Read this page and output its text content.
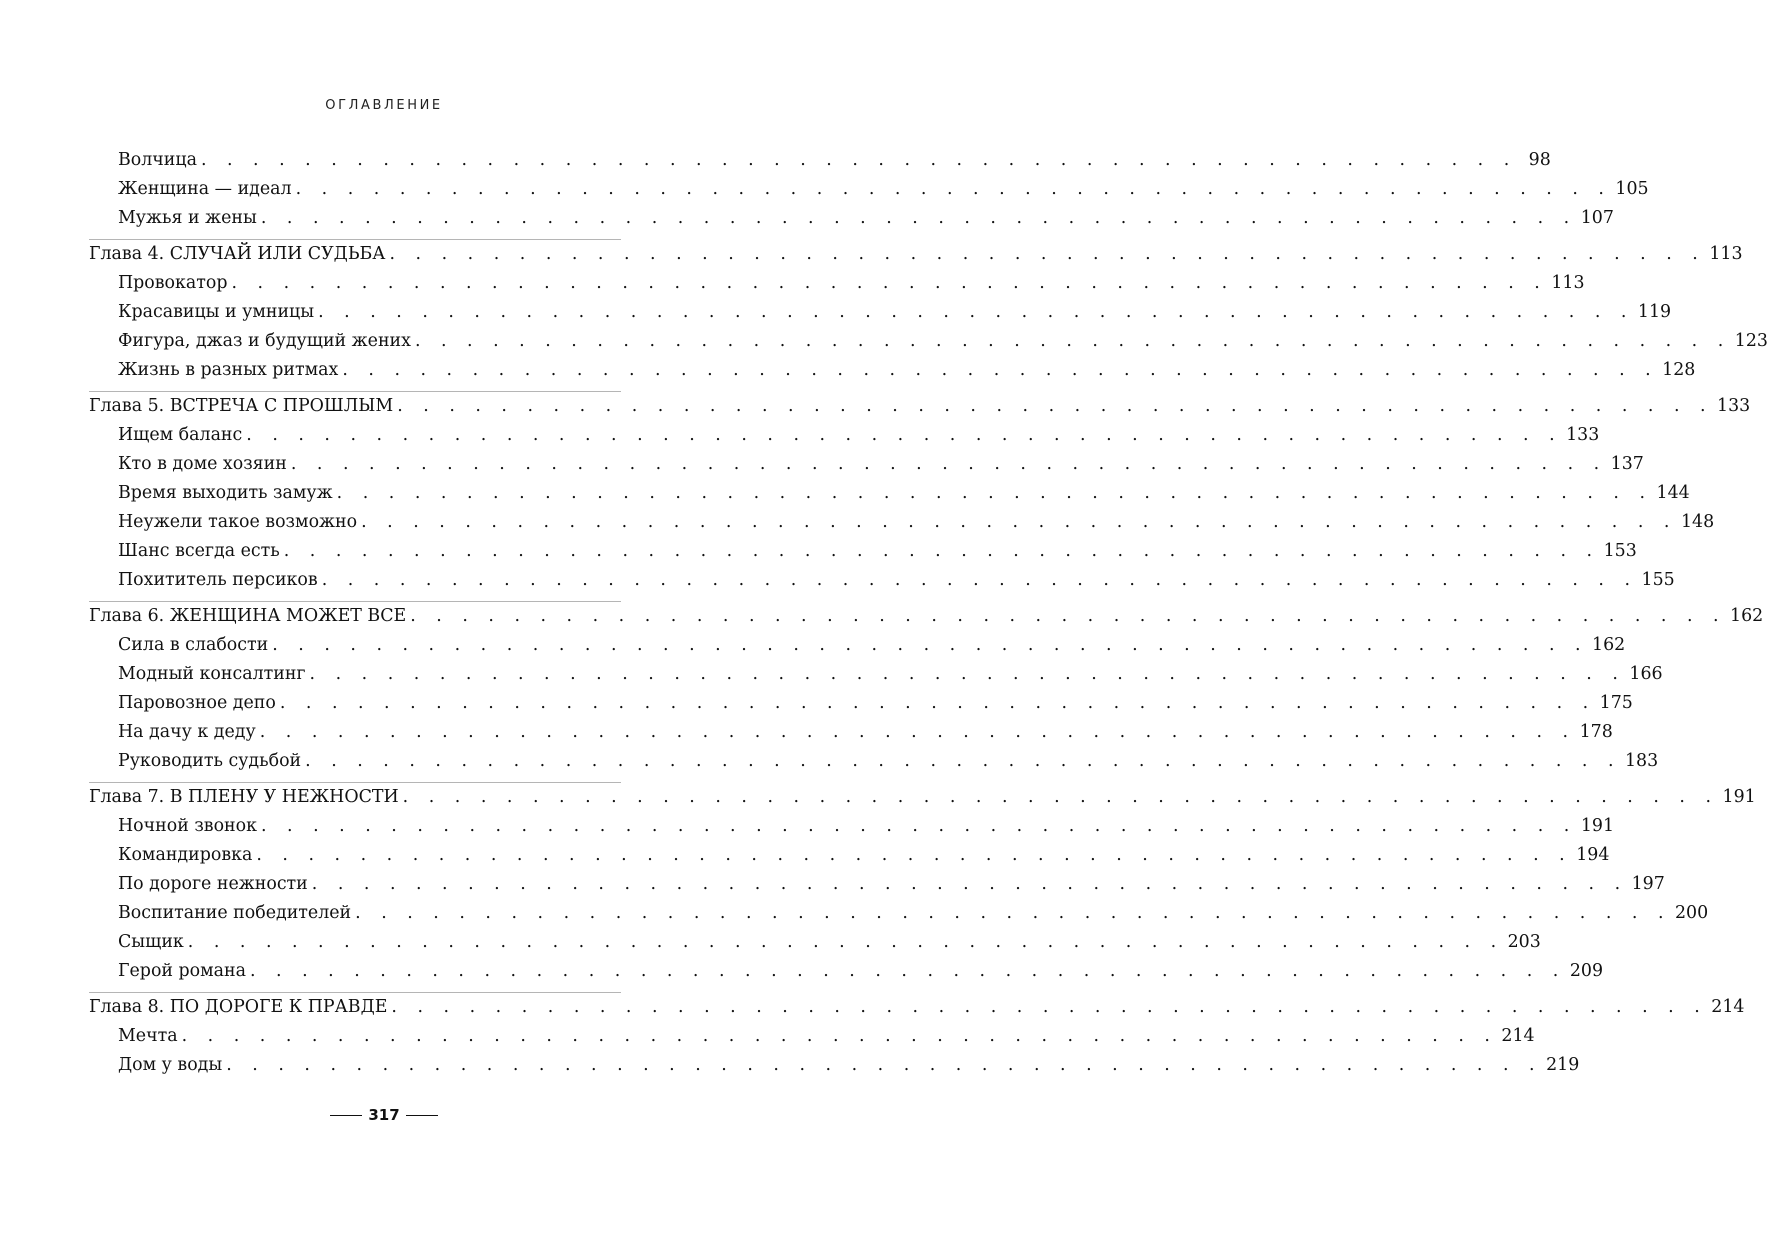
ОГЛАВЛЕНИЕ
Волчица . . . . . . . . . . . . . . . . . . . . . . . . . . . . . . . . . . . . . . . . . . . . . . . . . . . 98
Женщина — идеал . . . . . . . . . . . . . . . . . . . . . . . . . . . . . . . . . . . . . . . . . . . . . . . . . . . 105
Мужья и жены . . . . . . . . . . . . . . . . . . . . . . . . . . . . . . . . . . . . . . . . . . . . . . . . . . . 107
Глава 4. СЛУЧАЙ ИЛИ СУДЬБА . . . . . . . . . . . . . . . . . . . . . . . . . . . . . . . . . . . . . . . . . . . . . . . . . . . 113
Провокатор . . . . . . . . . . . . . . . . . . . . . . . . . . . . . . . . . . . . . . . . . . . . . . . . . . . 113
Красавицы и умницы . . . . . . . . . . . . . . . . . . . . . . . . . . . . . . . . . . . . . . . . . . . . . . . . . . . 119
Фигура, джаз и будущий жених . . . . . . . . . . . . . . . . . . . . . . . . . . . . . . . . . . . . . . . . . . . . . . . . . . . 123
Жизнь в разных ритмах . . . . . . . . . . . . . . . . . . . . . . . . . . . . . . . . . . . . . . . . . . . . . . . . . . . 128
Глава 5. ВСТРЕЧА С ПРОШЛЫМ . . . . . . . . . . . . . . . . . . . . . . . . . . . . . . . . . . . . . . . . . . . . . . . . . . . 133
Ищем баланс . . . . . . . . . . . . . . . . . . . . . . . . . . . . . . . . . . . . . . . . . . . . . . . . . . . 133
Кто в доме хозяин . . . . . . . . . . . . . . . . . . . . . . . . . . . . . . . . . . . . . . . . . . . . . . . . . . . 137
Время выходить замуж . . . . . . . . . . . . . . . . . . . . . . . . . . . . . . . . . . . . . . . . . . . . . . . . . . . 144
Неужели такое возможно . . . . . . . . . . . . . . . . . . . . . . . . . . . . . . . . . . . . . . . . . . . . . . . . . . . 148
Шанс всегда есть . . . . . . . . . . . . . . . . . . . . . . . . . . . . . . . . . . . . . . . . . . . . . . . . . . . 153
Похититель персиков . . . . . . . . . . . . . . . . . . . . . . . . . . . . . . . . . . . . . . . . . . . . . . . . . . . 155
Глава 6. ЖЕНЩИНА МОЖЕТ ВСЕ . . . . . . . . . . . . . . . . . . . . . . . . . . . . . . . . . . . . . . . . . . . . . . . . . . . 162
Сила в слабости . . . . . . . . . . . . . . . . . . . . . . . . . . . . . . . . . . . . . . . . . . . . . . . . . . . 162
Модный консалтинг . . . . . . . . . . . . . . . . . . . . . . . . . . . . . . . . . . . . . . . . . . . . . . . . . . . 166
Паровозное депо . . . . . . . . . . . . . . . . . . . . . . . . . . . . . . . . . . . . . . . . . . . . . . . . . . . 175
На дачу к деду . . . . . . . . . . . . . . . . . . . . . . . . . . . . . . . . . . . . . . . . . . . . . . . . . . . 178
Руководить судьбой . . . . . . . . . . . . . . . . . . . . . . . . . . . . . . . . . . . . . . . . . . . . . . . . . . . 183
Глава 7. В ПЛЕНУ У НЕЖНОСТИ . . . . . . . . . . . . . . . . . . . . . . . . . . . . . . . . . . . . . . . . . . . . . . . . . . . 191
Ночной звонок . . . . . . . . . . . . . . . . . . . . . . . . . . . . . . . . . . . . . . . . . . . . . . . . . . . 191
Командировка . . . . . . . . . . . . . . . . . . . . . . . . . . . . . . . . . . . . . . . . . . . . . . . . . . . 194
По дороге нежности . . . . . . . . . . . . . . . . . . . . . . . . . . . . . . . . . . . . . . . . . . . . . . . . . . . 197
Воспитание победителей . . . . . . . . . . . . . . . . . . . . . . . . . . . . . . . . . . . . . . . . . . . . . . . . . . . 200
Сыщик . . . . . . . . . . . . . . . . . . . . . . . . . . . . . . . . . . . . . . . . . . . . . . . . . . . 203
Герой романа . . . . . . . . . . . . . . . . . . . . . . . . . . . . . . . . . . . . . . . . . . . . . . . . . . . 209
Глава 8. ПО ДОРОГЕ К ПРАВДЕ . . . . . . . . . . . . . . . . . . . . . . . . . . . . . . . . . . . . . . . . . . . . . . . . . . . 214
Мечта . . . . . . . . . . . . . . . . . . . . . . . . . . . . . . . . . . . . . . . . . . . . . . . . . . . 214
Дом у воды . . . . . . . . . . . . . . . . . . . . . . . . . . . . . . . . . . . . . . . . . . . . . . . . . . . 219
317
